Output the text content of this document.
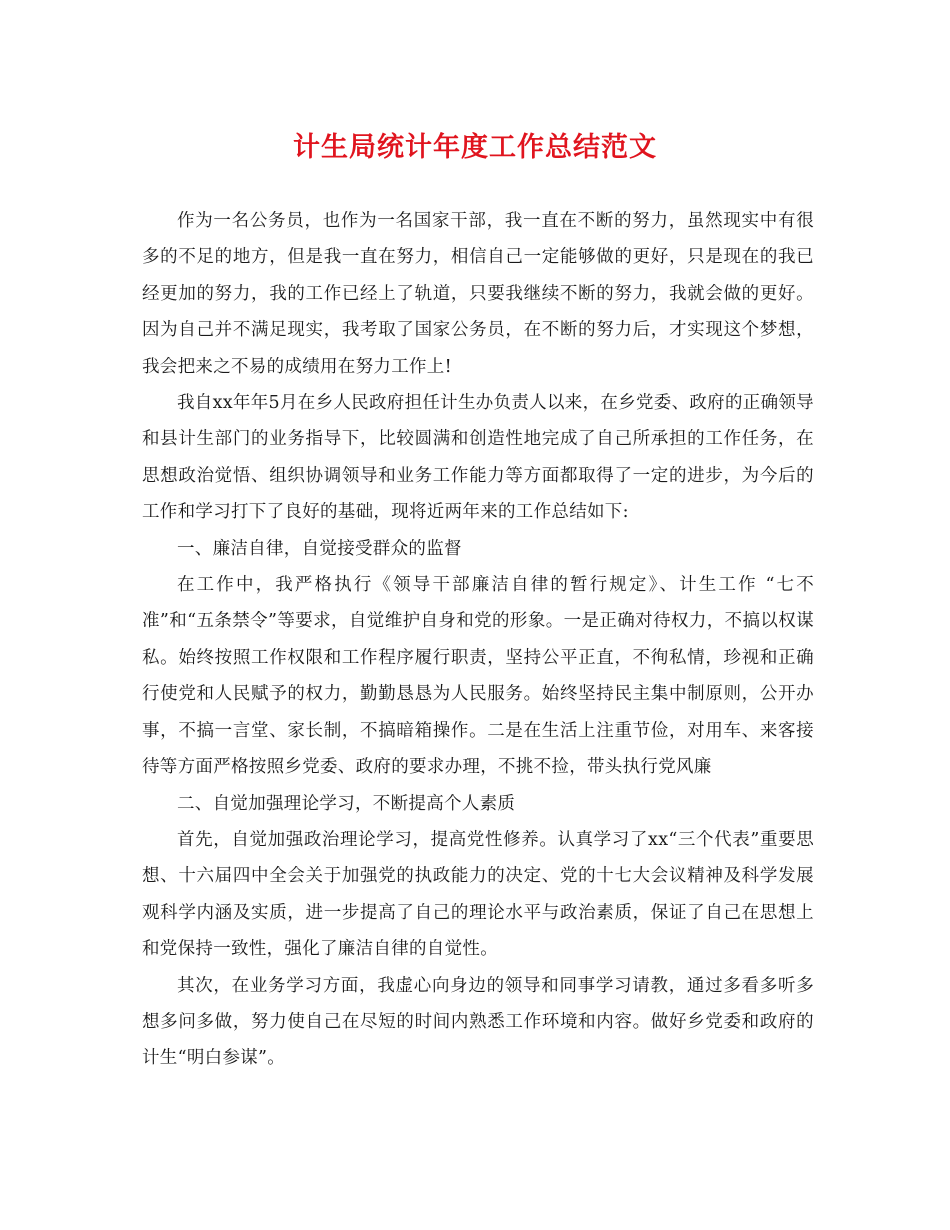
计生局统计年度工作总结范文

作为一名公务员，也作为一名国家干部，我一直在不断的努力，虽然现实中有很多的不足的地方，但是我一直在努力，相信自己一定能够做的更好，只是现在的我已经更加的努力，我的工作已经上了轨道，只要我继续不断的努力，我就会做的更好。因为自己并不满足现实，我考取了国家公务员，在不断的努力后，才实现这个梦想，我会把来之不易的成绩用在努力工作上!

我自xx年年5月在乡人民政府担任计生办负责人以来，在乡党委、政府的正确领导和县计生部门的业务指导下，比较圆满和创造性地完成了自己所承担的工作任务，在思想政治觉悟、组织协调领导和业务工作能力等方面都取得了一定的进步，为今后的工作和学习打下了良好的基础，现将近两年来的工作总结如下:

一、廉洁自律，自觉接受群众的监督

在工作中，我严格执行《领导干部廉洁自律的暂行规定》、计生工作 “七不准”和“五条禁令”等要求，自觉维护自身和党的形象。一是正确对待权力，不搞以权谋私。始终按照工作权限和工作程序履行职责，坚持公平正直，不徇私情，珍视和正确行使党和人民赋予的权力，勤勤恳恳为人民服务。始终坚持民主集中制原则，公开办事，不搞一言堂、家长制，不搞暗箱操作。二是在生活上注重节俭，对用车、来客接待等方面严格按照乡党委、政府的要求办理，不挑不捡，带头执行党风廉

二、自觉加强理论学习，不断提高个人素质

首先，自觉加强政治理论学习，提高党性修养。认真学习了xx“三个代表”重要思想、十六届四中全会关于加强党的执政能力的决定、党的十七大会议精神及科学发展观科学内涵及实质，进一步提高了自己的理论水平与政治素质，保证了自己在思想上和党保持一致性，强化了廉洁自律的自觉性。

其次，在业务学习方面，我虚心向身边的领导和同事学习请教，通过多看多听多想多问多做，努力使自己在尽短的时间内熟悉工作环境和内容。做好乡党委和政府的计生“明白参谋”。
